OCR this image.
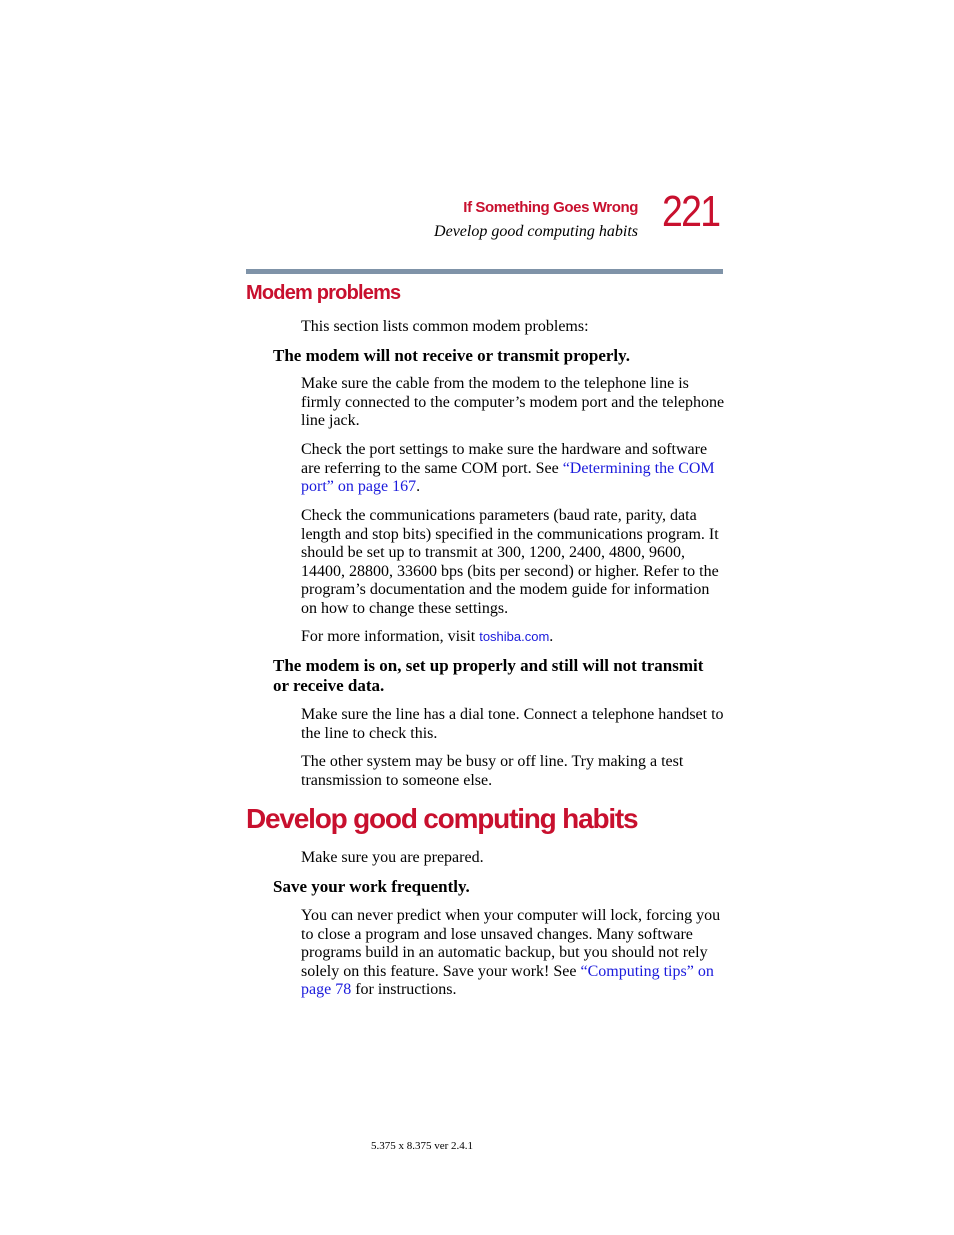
If Something Goes Wrong
Develop good computing habits 221
Modem problems
This section lists common modem problems:
The modem will not receive or transmit properly.
Make sure the cable from the modem to the telephone line is firmly connected to the computer’s modem port and the telephone line jack.
Check the port settings to make sure the hardware and software are referring to the same COM port. See “Determining the COM port” on page 167.
Check the communications parameters (baud rate, parity, data length and stop bits) specified in the communications program. It should be set up to transmit at 300, 1200, 2400, 4800, 9600, 14400, 28800, 33600 bps (bits per second) or higher. Refer to the program’s documentation and the modem guide for information on how to change these settings.
For more information, visit toshiba.com.
The modem is on, set up properly and still will not transmit or receive data.
Make sure the line has a dial tone. Connect a telephone handset to the line to check this.
The other system may be busy or off line. Try making a test transmission to someone else.
Develop good computing habits
Make sure you are prepared.
Save your work frequently.
You can never predict when your computer will lock, forcing you to close a program and lose unsaved changes. Many software programs build in an automatic backup, but you should not rely solely on this feature. Save your work! See “Computing tips” on page 78 for instructions.
5.375 x 8.375 ver 2.4.1
